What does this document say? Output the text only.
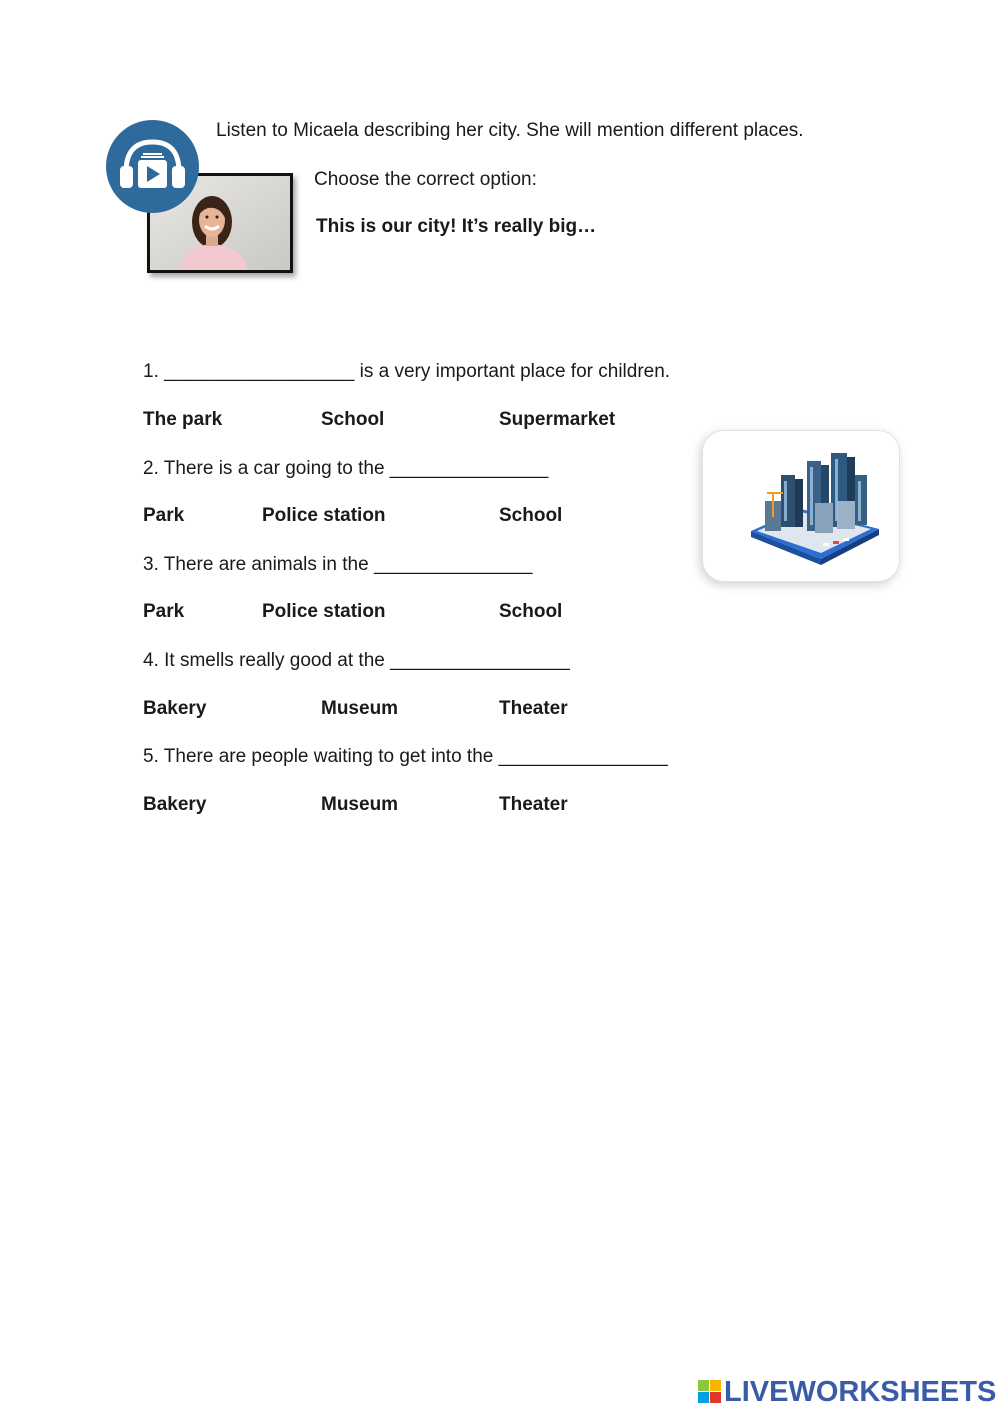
Listen to Micaela describing her city. She will mention different places.
Choose the correct option:
This is our city! It’s really big…
1. __________________ is a very important place for children.
The park	School	Supermarket
2. There is a car going to the _______________
Park	Police station	School
3. There are animals in the _______________
Park	Police station	School
4. It smells really good at the _________________
Bakery	Museum	Theater
5. There are people waiting to get into the ________________
Bakery	Museum	Theater
LIVEWORKSHEETS
